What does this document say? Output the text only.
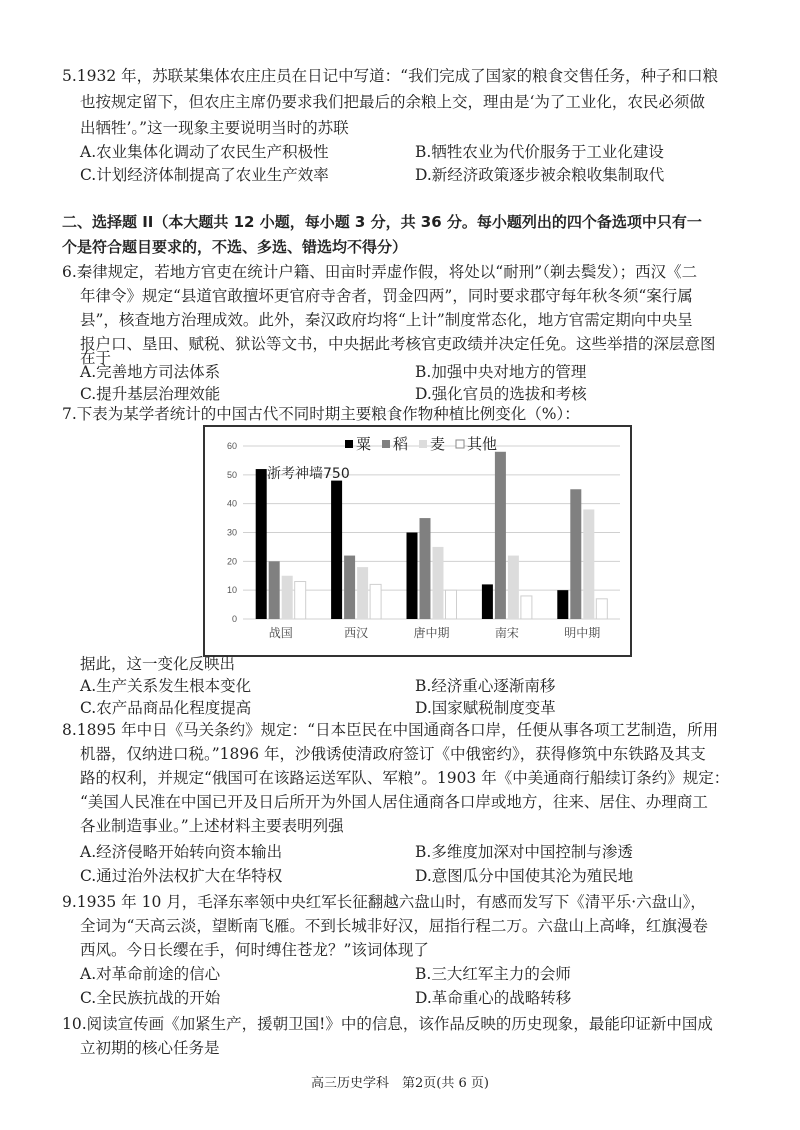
5.1932 年，苏联某集体农庄庄员在日记中写道：“我们完成了国家的粮食交售任务，种子和口粮
也按规定留下，但农庄主席仍要求我们把最后的余粮上交，理由是‘为了工业化，农民必须做
出牺牲’。”这一现象主要说明当时的苏联
A.农业集体化调动了农民生产积极性	B.牺牲农业为代价服务于工业化建设
C.计划经济体制提高了农业生产效率	D.新经济政策逐步被余粮收集制取代
二、选择题 II（本大题共 12 小题，每小题 3 分，共 36 分。每小题列出的四个备选项中只有一
个是符合题目要求的，不选、多选、错选均不得分）
6.秦律规定，若地方官吏在统计户籍、田亩时弄虚作假，将处以“耐刑”（剃去鬓发）；西汉《二
年律令》规定“县道官敢擅坏更官府寺舍者，罚金四两”，同时要求郡守每年秋冬须“案行属
县”，核查地方治理成效。此外，秦汉政府均将“上计”制度常态化，地方官需定期向中央呈
报户口、垦田、赋税、狱讼等文书，中央据此考核官吏政绩并决定任免。这些举措的深层意图
在于
A.完善地方司法体系	B.加强中央对地方的管理
C.提升基层治理效能	D.强化官员的选拔和考核
7.下表为某学者统计的中国古代不同时期主要粮食作物种植比例变化（%）：
0
10
20
30
40
50
60
战国	西汉	唐中期	南宋	明中期
粟 稻 麦 其他
浙考神墙750
据此，这一变化反映出
A.生产关系发生根本变化	B.经济重心逐渐南移
C.农产品商品化程度提高	D.国家赋税制度变革
8.1895 年中日《马关条约》规定：“日本臣民在中国通商各口岸，任便从事各项工艺制造，所用
机器，仅纳进口税。”1896 年，沙俄诱使清政府签订《中俄密约》，获得修筑中东铁路及其支
路的权利，并规定“俄国可在该路运送军队、军粮”。1903 年《中美通商行船续订条约》规定：
“美国人民准在中国已开及日后所开为外国人居住通商各口岸或地方，往来、居住、办理商工
各业制造事业。”上述材料主要表明列强
A.经济侵略开始转向资本输出	B.多维度加深对中国控制与渗透
C.通过治外法权扩大在华特权	D.意图瓜分中国使其沦为殖民地
9.1935 年 10 月，毛泽东率领中央红军长征翻越六盘山时，有感而发写下《清平乐·六盘山》，
全词为“天高云淡，望断南飞雁。不到长城非好汉，屈指行程二万。六盘山上高峰，红旗漫卷
西风。今日长缨在手，何时缚住苍龙？”该词体现了
A.对革命前途的信心	B.三大红军主力的会师
C.全民族抗战的开始	D.革命重心的战略转移
10.阅读宣传画《加紧生产，援朝卫国!》中的信息，该作品反映的历史现象，最能印证新中国成
立初期的核心任务是
高三历史学科　第2页(共 6 页)
